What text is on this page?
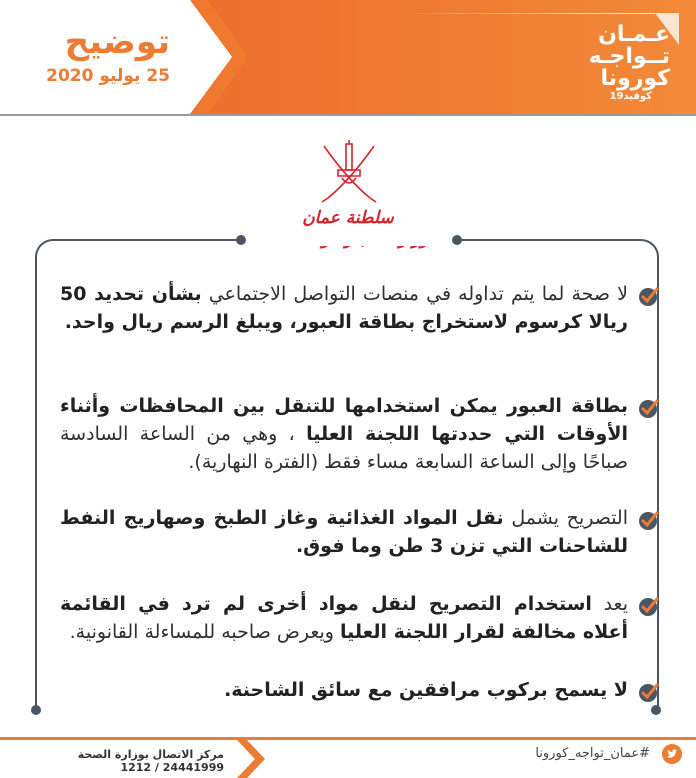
توضيح
25 يوليو 2020
عـمـان
تــواجـه
كورونا
كوفيد19
سلطنة عمان
لا صحة لما يتم تداوله في منصات التواصل الاجتماعي بشأن تحديد 50 ريالا كرسوم لاستخراج بطاقة العبور، ويبلغ الرسم ريال واحد.
بطاقة العبور يمكن استخدامها للتنقل بين المحافظات وأثناء الأوقات التي حددتها اللجنة العليا ، وهي من الساعة السادسة صباحًا وإلى الساعة السابعة مساء فقط (الفترة النهارية).
التصريح يشمل نقل المواد الغذائية وغاز الطبخ وصهاريج النفط للشاحنات التي تزن 3 طن وما فوق.
يعد استخدام التصريح لنقل مواد أخرى لم ترد في القائمة أعلاه مخالفة لقرار اللجنة العليا ويعرض صاحبه للمساءلة القانونية.
لا يسمح بركوب مرافقين مع سائق الشاحنة.
مركز الاتصال بوزارة الصحة 24441999 / 1212
#عمان_تواجه_كورونا
